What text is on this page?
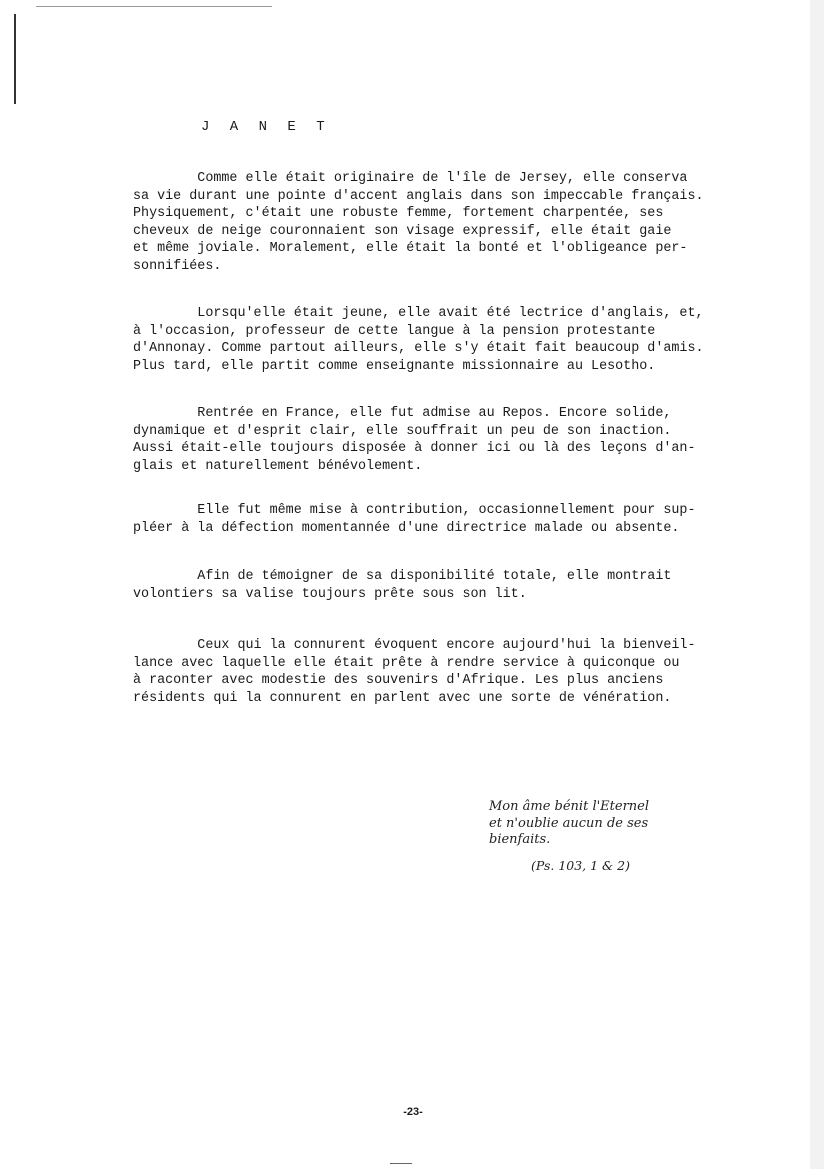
J A N E T

Comme elle était originaire de l'île de Jersey, elle conserva
sa vie durant une pointe d'accent anglais dans son impeccable français.
Physiquement, c'était une robuste femme, fortement charpentée, ses
cheveux de neige couronnaient son visage expressif, elle était gaie
et même joviale. Moralement, elle était la bonté et l'obligeance per-
sonnifiées.

Lorsqu'elle était jeune, elle avait été lectrice d'anglais, et,
à l'occasion, professeur de cette langue à la pension protestante
d'Annonay. Comme partout ailleurs, elle s'y était fait beaucoup d'amis.
Plus tard, elle partit comme enseignante missionnaire au Lesotho.

Rentrée en France, elle fut admise au Repos. Encore solide,
dynamique et d'esprit clair, elle souffrait un peu de son inaction.
Aussi était-elle toujours disposée à donner ici ou là des leçons d'an-
glais et naturellement bénévolement.

Elle fut même mise à contribution, occasionnellement pour sup-
pléer à la défection momentannée d'une directrice malade ou absente.

Afin de témoigner de sa disponibilité totale, elle montrait
volontiers sa valise toujours prête sous son lit.

Ceux qui la connurent évoquent encore aujourd'hui la bienveil-
lance avec laquelle elle était prête à rendre service à quiconque ou
à raconter avec modestie des souvenirs d'Afrique. Les plus anciens
résidents qui la connurent en parlent avec une sorte de vénération.

Mon âme bénit l'Eternel
et n'oublie aucun de ses
bienfaits.

(Ps. 103, 1 & 2)
-23-
